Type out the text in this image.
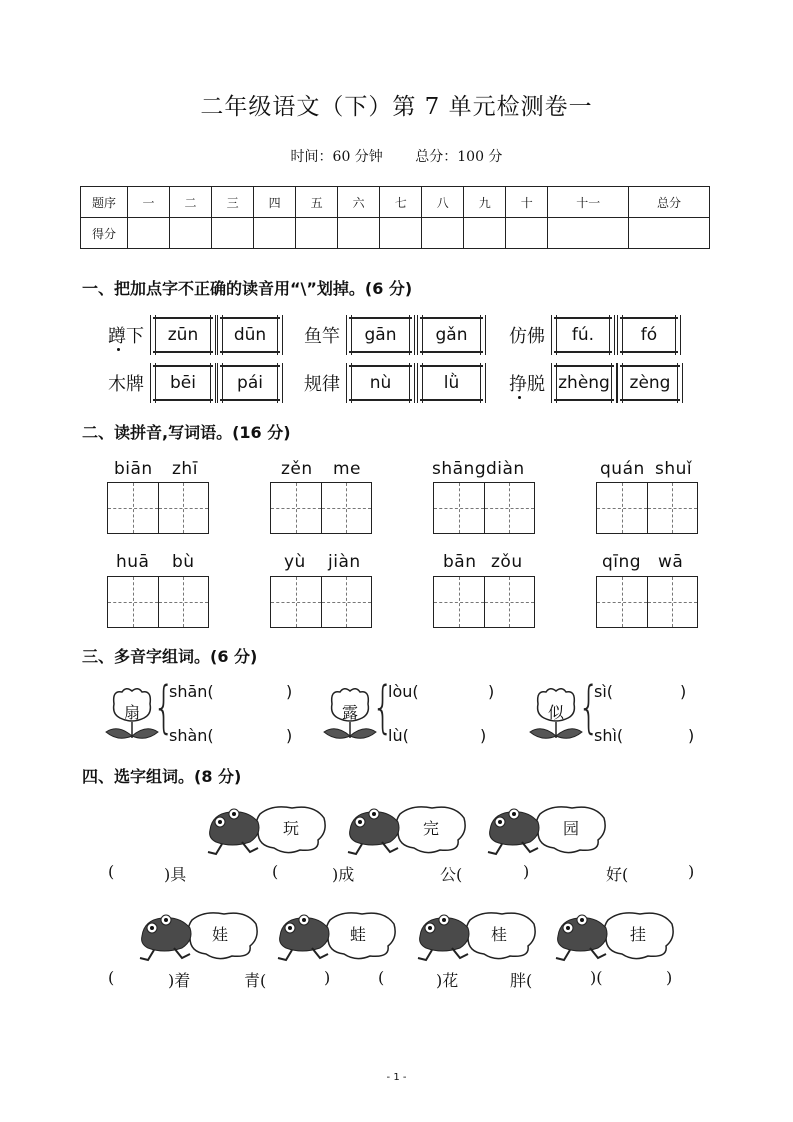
二年级语文（下）第 7 单元检测卷一
时间：60 分钟 总分：100 分
题序	一	二	三	四	五	六	七	八	九	十	十一	总分
得分												
一、把加点字不正确的读音用“\”划掉。(6 分)
蹲下	zūn	dūn	鱼竿	gān	gǎn	仿佛	fú.	fó
木牌	bēi	pái	规律	nù	lǜ	挣脱 zhèng	zèng
二、读拼音,写词语。(16 分)
biān zhī	zěn me	shāng diàn	quán shuǐ
huā bù	yù jiàn	bān zǒu	qīng wā
三、多音字组词。(6 分)
扇 {
shān(	)
shàn(	)
露 {
lòu(	)
lù(	)
似 {
sì(	)
shì(	)
四、选字组词。(8 分)
玩	完	园
(	)具	(	)成	公(	)	好(	)
娃	蛙	桂	挂
(	)着	青(	)	(	)花	胖(	)(	)
- 1 -
